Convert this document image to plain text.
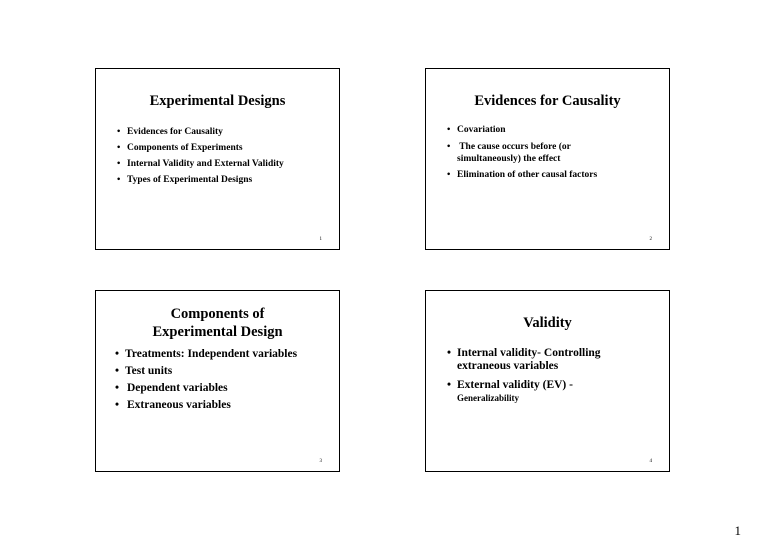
Experimental Designs
• Evidences for Causality
• Components of Experiments
• Internal Validity and External Validity
• Types of Experimental Designs
1
Evidences for Causality
• Covariation
• The cause occurs before (or
simultaneously) the effect
• Elimination of other causal factors
2
Components of
Experimental Design
• Treatments: Independent variables
• Test units
• Dependent variables
• Extraneous variables
3
Validity
• Internal validity- Controlling
extraneous variables
• External validity (EV) -
Generalizability
4
1
